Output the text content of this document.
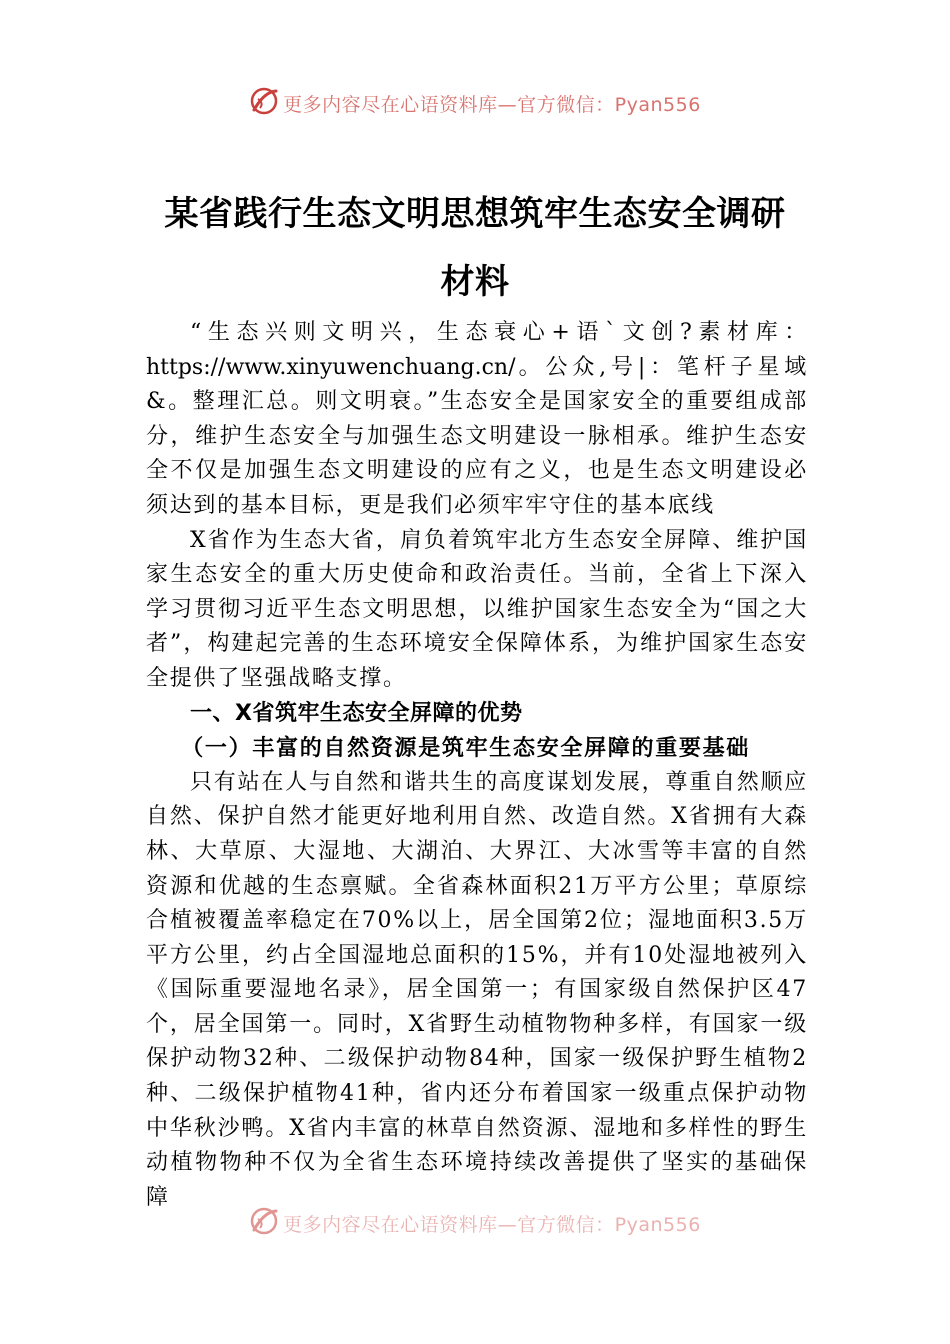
更多内容尽在心语资料库—官方微信：Pyan556
某省践行生态文明思想筑牢生态安全调研
材料

“生态兴则文明兴，生态衰心+语`文创?素材库：https://www.xinyuwenchuang.cn/。公众,号|：笔杆子星域&。整理汇总。则文明衰。”生态安全是国家安全的重要组成部分，维护生态安全与加强生态文明建设一脉相承。维护生态安全不仅是加强生态文明建设的应有之义，也是生态文明建设必须达到的基本目标，更是我们必须牢牢守住的基本底线

X省作为生态大省，肩负着筑牢北方生态安全屏障、维护国家生态安全的重大历史使命和政治责任。当前，全省上下深入学习贯彻习近平生态文明思想，以维护国家生态安全为“国之大者”，构建起完善的生态环境安全保障体系，为维护国家生态安全提供了坚强战略支撑。

一、X省筑牢生态安全屏障的优势

（一）丰富的自然资源是筑牢生态安全屏障的重要基础

只有站在人与自然和谐共生的高度谋划发展，尊重自然顺应自然、保护自然才能更好地利用自然、改造自然。X省拥有大森林、大草原、大湿地、大湖泊、大界江、大冰雪等丰富的自然资源和优越的生态禀赋。全省森林面积21万平方公里；草原综合植被覆盖率稳定在70%以上，居全国第2位；湿地面积3.5万平方公里，约占全国湿地总面积的15%，并有10处湿地被列入《国际重要湿地名录》，居全国第一；有国家级自然保护区47个，居全国第一。同时，X省野生动植物物种多样，有国家一级保护动物32种、二级保护动物84种，国家一级保护野生植物2种、二级保护植物41种，省内还分布着国家一级重点保护动物中华秋沙鸭。X省内丰富的林草自然资源、湿地和多样性的野生动植物物种不仅为全省生态环境持续改善提供了坚实的基础保障

更多内容尽在心语资料库—官方微信：Pyan556
